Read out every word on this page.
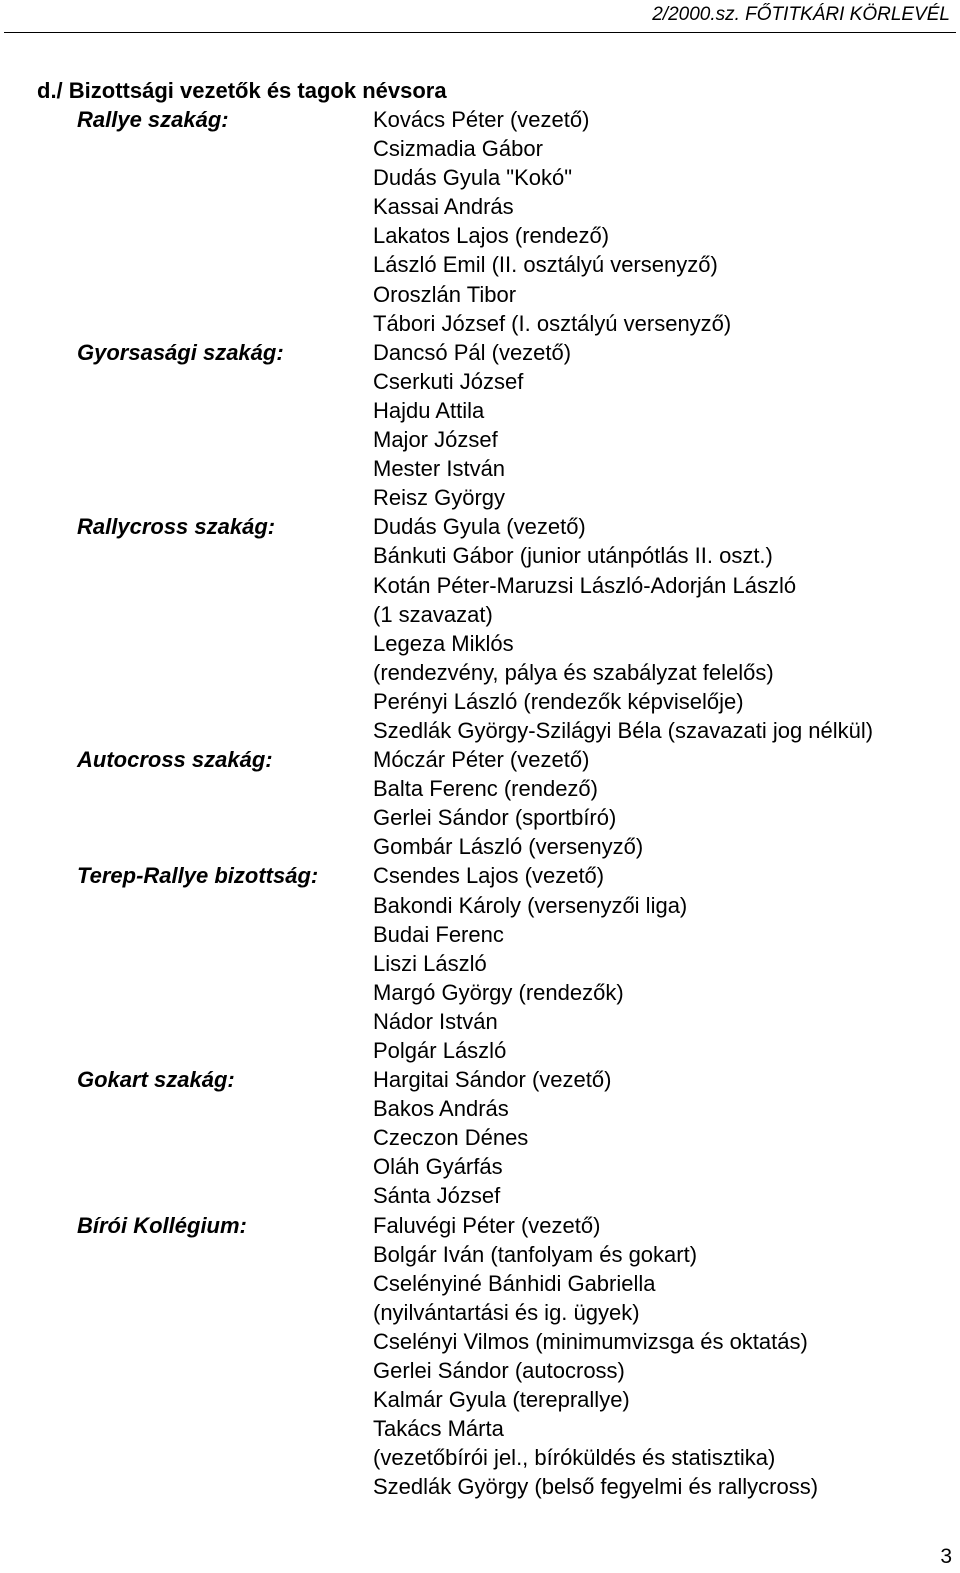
2/2000.sz. FŐTITKÁRI KÖRLEVÉL
d./ Bizottsági vezetők és tagok névsora
Rallye szakág:	Kovács Péter (vezető)
Csizmadia Gábor
Dudás Gyula "Kokó"
Kassai András
Lakatos Lajos (rendező)
László Emil (II. osztályú versenyző)
Oroszlán Tibor
Tábori József (I. osztályú versenyző)
Gyorsasági szakág:	Dancsó Pál (vezető)
Cserkuti József
Hajdu Attila
Major József
Mester István
Reisz György
Rallycross szakág:	Dudás Gyula (vezető)
Bánkuti Gábor (junior utánpótlás II. oszt.)
Kotán Péter-Maruzsi László-Adorján László
(1 szavazat)
Legeza Miklós
(rendezvény, pálya és szabályzat felelős)
Perényi László (rendezők képviselője)
Szedlák György-Szilágyi Béla (szavazati jog nélkül)
Autocross szakág:	Móczár Péter (vezető)
Balta Ferenc (rendező)
Gerlei Sándor (sportbíró)
Gombár László (versenyző)
Terep-Rallye bizottság:	Csendes Lajos (vezető)
Bakondi Károly (versenyzői liga)
Budai Ferenc
Liszi László
Margó György (rendezők)
Nádor István
Polgár László
Gokart szakág:	Hargitai Sándor (vezető)
Bakos András
Czeczon Dénes
Oláh Gyárfás
Sánta József
Bírói Kollégium:	Faluvégi Péter (vezető)
Bolgár Iván (tanfolyam és gokart)
Cselényiné Bánhidi Gabriella
(nyilvántartási és ig. ügyek)
Cselényi Vilmos (minimumvizsga és oktatás)
Gerlei Sándor (autocross)
Kalmár Gyula (tereprallye)
Takács Márta
(vezetőbírói jel., bíróküldés és statisztika)
Szedlák György (belső fegyelmi és rallycross)
3
